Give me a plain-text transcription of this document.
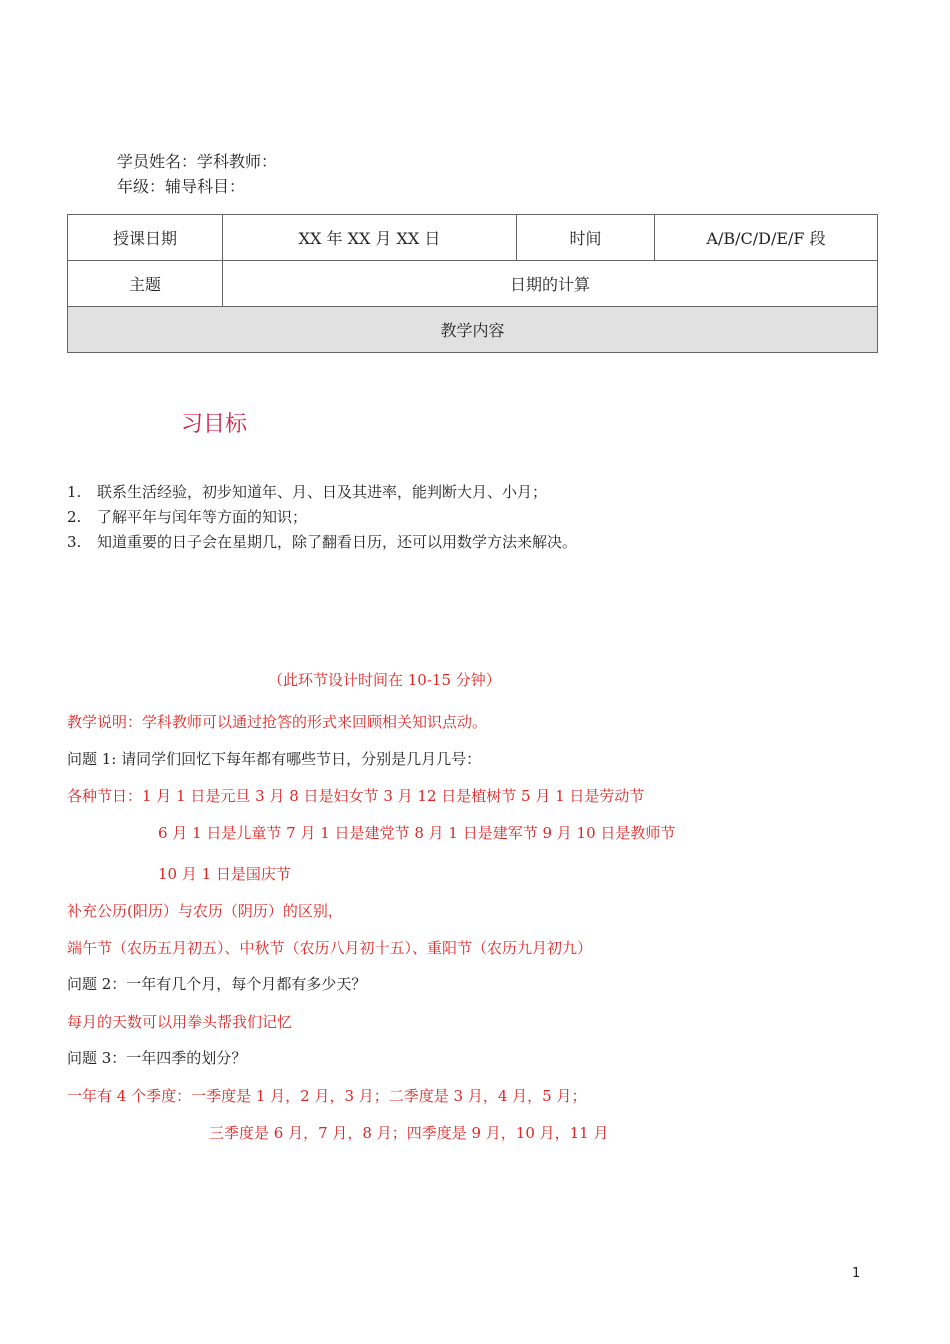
学员姓名：学科教师：
年级：辅导科目：
授课日期	XX 年 XX 月 XX 日	时间	A/B/C/D/E/F 段
主题	日期的计算		
教学内容			
习目标
1.	联系生活经验，初步知道年、月、日及其进率，能判断大月、小月；
2.	了解平年与闰年等方面的知识；
3.	知道重要的日子会在星期几，除了翻看日历，还可以用数学方法来解决。
（此环节设计时间在 10-15 分钟）
教学说明：学科教师可以通过抢答的形式来回顾相关知识点动。
问题 1: 请同学们回忆下每年都有哪些节日，分别是几月几号：
各种节日：1 月 1 日是元旦 3 月 8 日是妇女节 3 月 12 日是植树节 5 月 1 日是劳动节
6 月 1 日是儿童节 7 月 1 日是建党节 8 月 1 日是建军节 9 月 10 日是教师节
10 月 1 日是国庆节
补充公历(阳历）与农历（阴历）的区别，
端午节（农历五月初五）、中秋节（农历八月初十五）、重阳节（农历九月初九）
问题 2：一年有几个月，每个月都有多少天？
每月的天数可以用拳头帮我们记忆
问题 3：一年四季的划分？
一年有 4 个季度：一季度是 1 月，2 月，3 月；二季度是 3 月，4 月，5 月；
三季度是 6 月，7 月，8 月；四季度是 9 月，10 月，11 月
1
